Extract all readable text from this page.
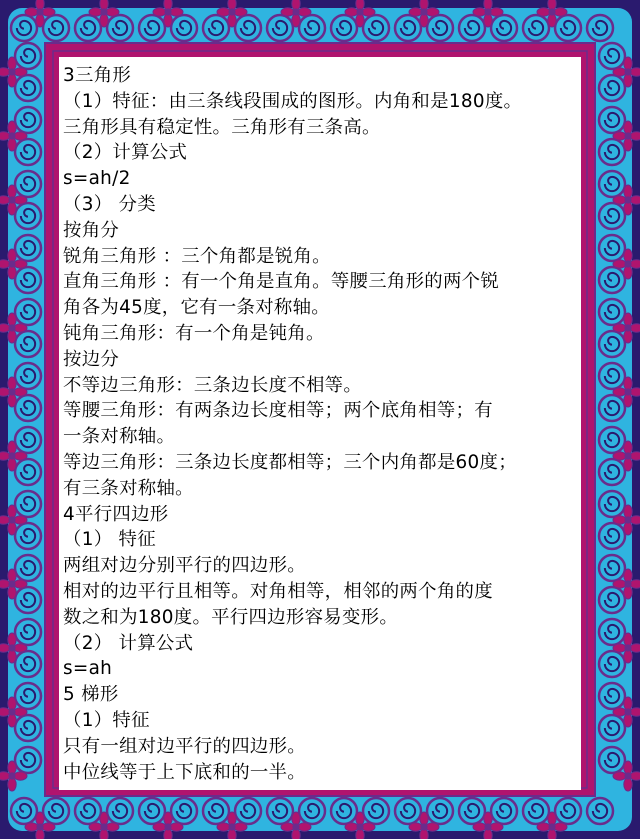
3三角形
（1）特征：由三条线段围成的图形。内角和是180度。
三角形具有稳定性。三角形有三条高。
（2）计算公式
s=ah/2
（3） 分类
按角分
锐角三角形 ：三个角都是锐角。
直角三角形 ：有一个角是直角。等腰三角形的两个锐
角各为45度，它有一条对称轴。
钝角三角形：有一个角是钝角。
按边分
不等边三角形：三条边长度不相等。
等腰三角形：有两条边长度相等；两个底角相等；有
一条对称轴。
等边三角形：三条边长度都相等；三个内角都是60度；
有三条对称轴。
4平行四边形
（1） 特征
两组对边分别平行的四边形。
相对的边平行且相等。对角相等，相邻的两个角的度
数之和为180度。平行四边形容易变形。
（2） 计算公式
s=ah
5 梯形
（1）特征
只有一组对边平行的四边形。
中位线等于上下底和的一半。
